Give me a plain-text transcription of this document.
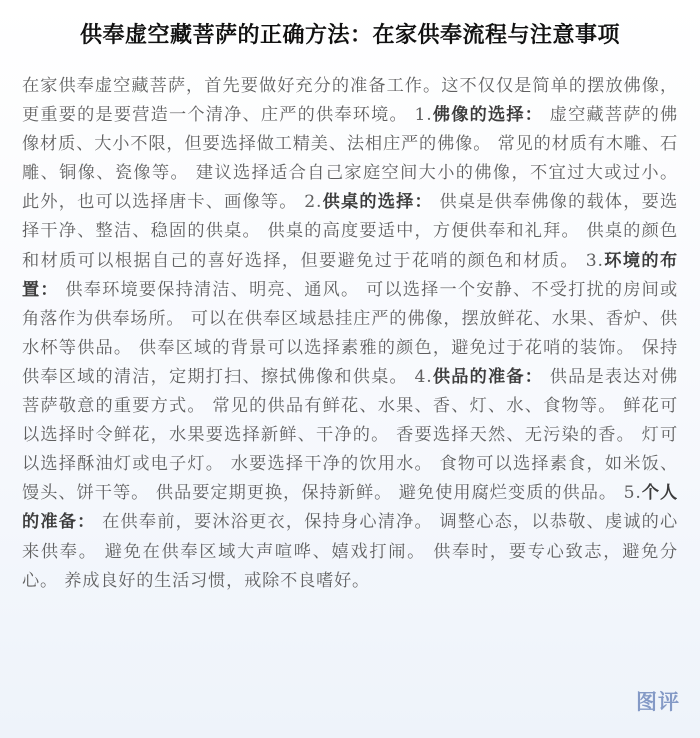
供奉虚空藏菩萨的正确方法：在家供奉流程与注意事项
在家供奉虚空藏菩萨，首先要做好充分的准备工作。这不仅仅是简单的摆放佛像，更重要的是要营造一个清净、庄严的供奉环境。 1.佛像的选择： 虚空藏菩萨的佛像材质、大小不限，但要选择做工精美、法相庄严的佛像。 常见的材质有木雕、石雕、铜像、瓷像等。 建议选择适合自己家庭空间大小的佛像，不宜过大或过小。 此外，也可以选择唐卡、画像等。 2.供桌的选择： 供桌是供奉佛像的载体，要选择干净、整洁、稳固的供桌。 供桌的高度要适中，方便供奉和礼拜。 供桌的颜色和材质可以根据自己的喜好选择，但要避免过于花哨的颜色和材质。 3.环境的布置： 供奉环境要保持清洁、明亮、通风。 可以选择一个安静、不受打扰的房间或角落作为供奉场所。 可以在供奉区域悬挂庄严的佛像，摆放鲜花、水果、香炉、供水杯等供品。 供奉区域的背景可以选择素雅的颜色，避免过于花哨的装饰。 保持供奉区域的清洁，定期打扫、擦拭佛像和供桌。 4.供品的准备： 供品是表达对佛菩萨敬意的重要方式。 常见的供品有鲜花、水果、香、灯、水、食物等。 鲜花可以选择时令鲜花，水果要选择新鲜、干净的。 香要选择天然、无污染的香。 灯可以选择酥油灯或电子灯。 水要选择干净的饮用水。 食物可以选择素食，如米饭、馒头、饼干等。 供品要定期更换，保持新鲜。 避免使用腐烂变质的供品。 5.个人的准备： 在供奉前，要沐浴更衣，保持身心清净。 调整心态，以恭敬、虔诚的心来供奉。 避免在供奉区域大声喧哗、嬉戏打闹。 供奉时，要专心致志，避免分心。 养成良好的生活习惯，戒除不良嗜好。
图评
